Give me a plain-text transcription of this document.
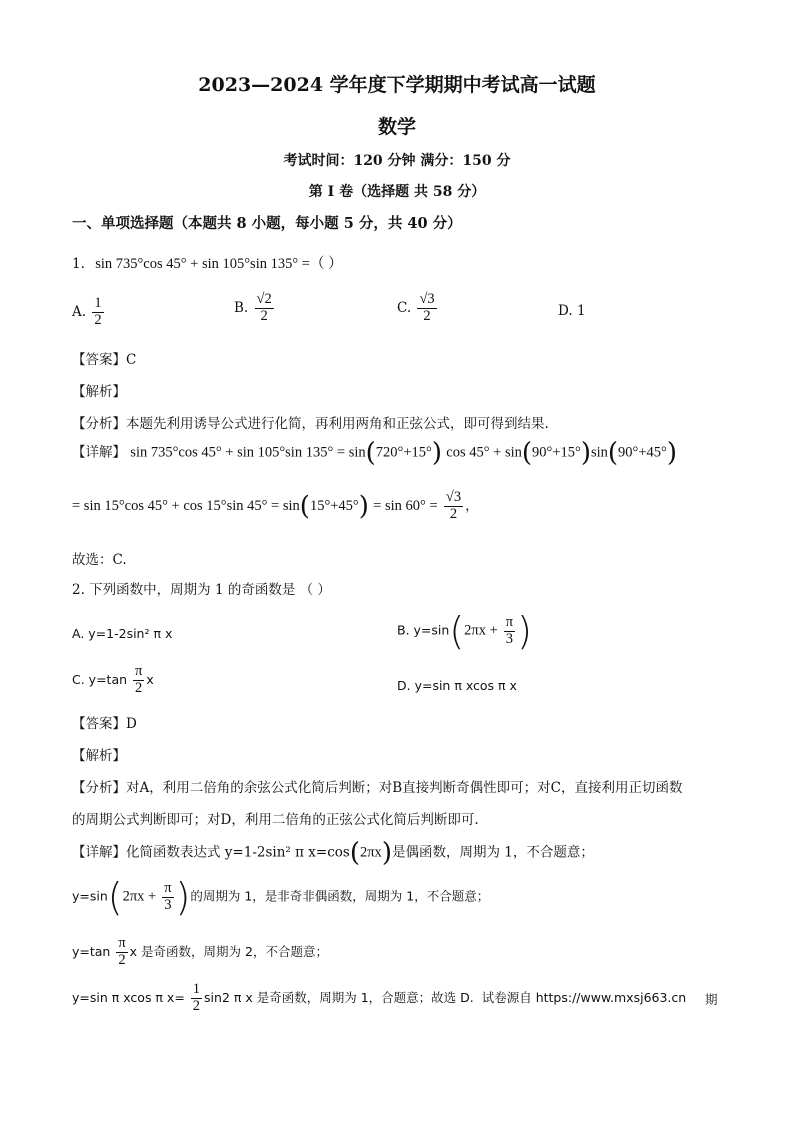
2023—2024 学年度下学期期中考试高一试题
数学
考试时间：120 分钟 满分：150 分
第 I 卷（选择题 共 58 分）
一、单项选择题（本题共 8 小题，每小题 5 分，共 40 分）
1. sin 735°cos 45° + sin 105°sin 135° =（ ）
A. $\frac{1}{2}$	B. $\frac{√2}{2}$	C. $\frac{√3}{2}$	D. 1
【答案】C
【解析】
【分析】本题先利用诱导公式进行化简，再利用两角和正弦公式，即可得到结果.
【详解】 sin 735°cos 45° + sin 105°sin 135° = sin(720°+15°) cos 45° + sin(90°+15°)sin(90°+45°)
= sin 15°cos 45° + cos 15°sin $45^\circ = \sin(15^\circ+45^\circ) = \sin 60^\circ = \frac{√3}{2}$ ，
故选：C.
2. 下列函数中，周期为 1 的奇函数是 （ ）
A. y=1-2sin² π x	B. $y=\sin(2\pi x + \frac{\pi}{3}$ )
C. $y=\tan \frac{\pi}{2}$ x	D. y=sin π xcos π x
【答案】D
【解析】
【分析】对A，利用二倍角的余弦公式化简后判断；对B直接判断奇偶性即可；对C，直接利用正切函数
的周期公式判断即可；对D，利用二倍角的正弦公式化简后判断即可.
【详解】化简函数表达式 y=1-2sin² π x=cos(2πx)是偶函数，周期为 1，不合题意；
$y=\sin(2\pi x + \frac{\pi}{3}$ )的周期为 1，是非奇非偶函数，周期为 1，不合题意；
$y=\tan \frac{\pi}{2}$ x 是奇函数，周期为 2，不合题意；
y=sin π xcos π $x= \frac{1}{2} \sin 2$ π x 是奇函数，周期为 1，合题意；故选 D. 试卷源自 https://www.mxsj663.cn 期
